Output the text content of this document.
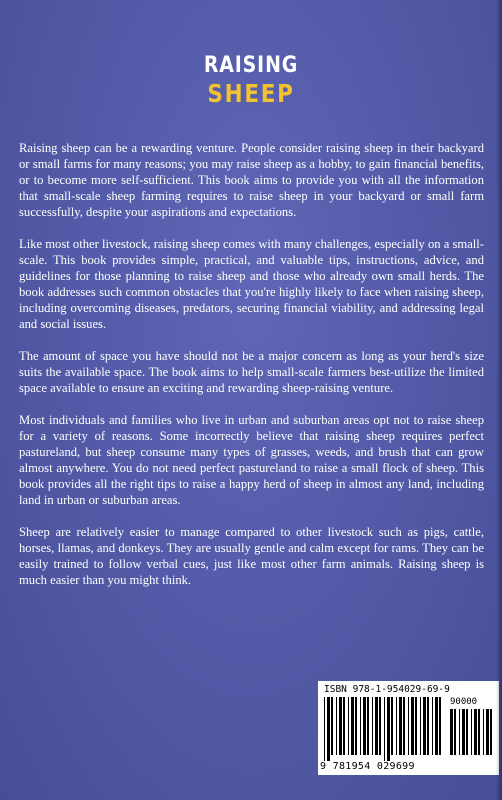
RAISING
SHEEP

Raising sheep can be a rewarding venture. People consider raising sheep in their backyard or small farms for many reasons; you may raise sheep as a hobby, to gain financial benefits, or to become more self-sufficient. This book aims to provide you with all the information that small-scale sheep farming requires to raise sheep in your backyard or small farm successfully, despite your aspirations and expectations.

Like most other livestock, raising sheep comes with many challenges, especially on a small-scale. This book provides simple, practical, and valuable tips, instructions, advice, and guidelines for those planning to raise sheep and those who already own small herds. The book addresses such common obstacles that you're highly likely to face when raising sheep, including overcoming diseases, predators, securing financial viability, and addressing legal and social issues.

The amount of space you have should not be a major concern as long as your herd's size suits the available space. The book aims to help small-scale farmers best-utilize the limited space available to ensure an exciting and rewarding sheep-raising venture.

Most individuals and families who live in urban and suburban areas opt not to raise sheep for a variety of reasons. Some incorrectly believe that raising sheep requires perfect pastureland, but sheep consume many types of grasses, weeds, and brush that can grow almost anywhere. You do not need perfect pastureland to raise a small flock of sheep. This book provides all the right tips to raise a happy herd of sheep in almost any land, including land in urban or suburban areas.

Sheep are relatively easier to manage compared to other livestock such as pigs, cattle, horses, llamas, and donkeys. They are usually gentle and calm except for rams. They can be easily trained to follow verbal cues, just like most other farm animals. Raising sheep is much easier than you might think.

ISBN 978-1-954029-69-9
90000
9 781954 029699
